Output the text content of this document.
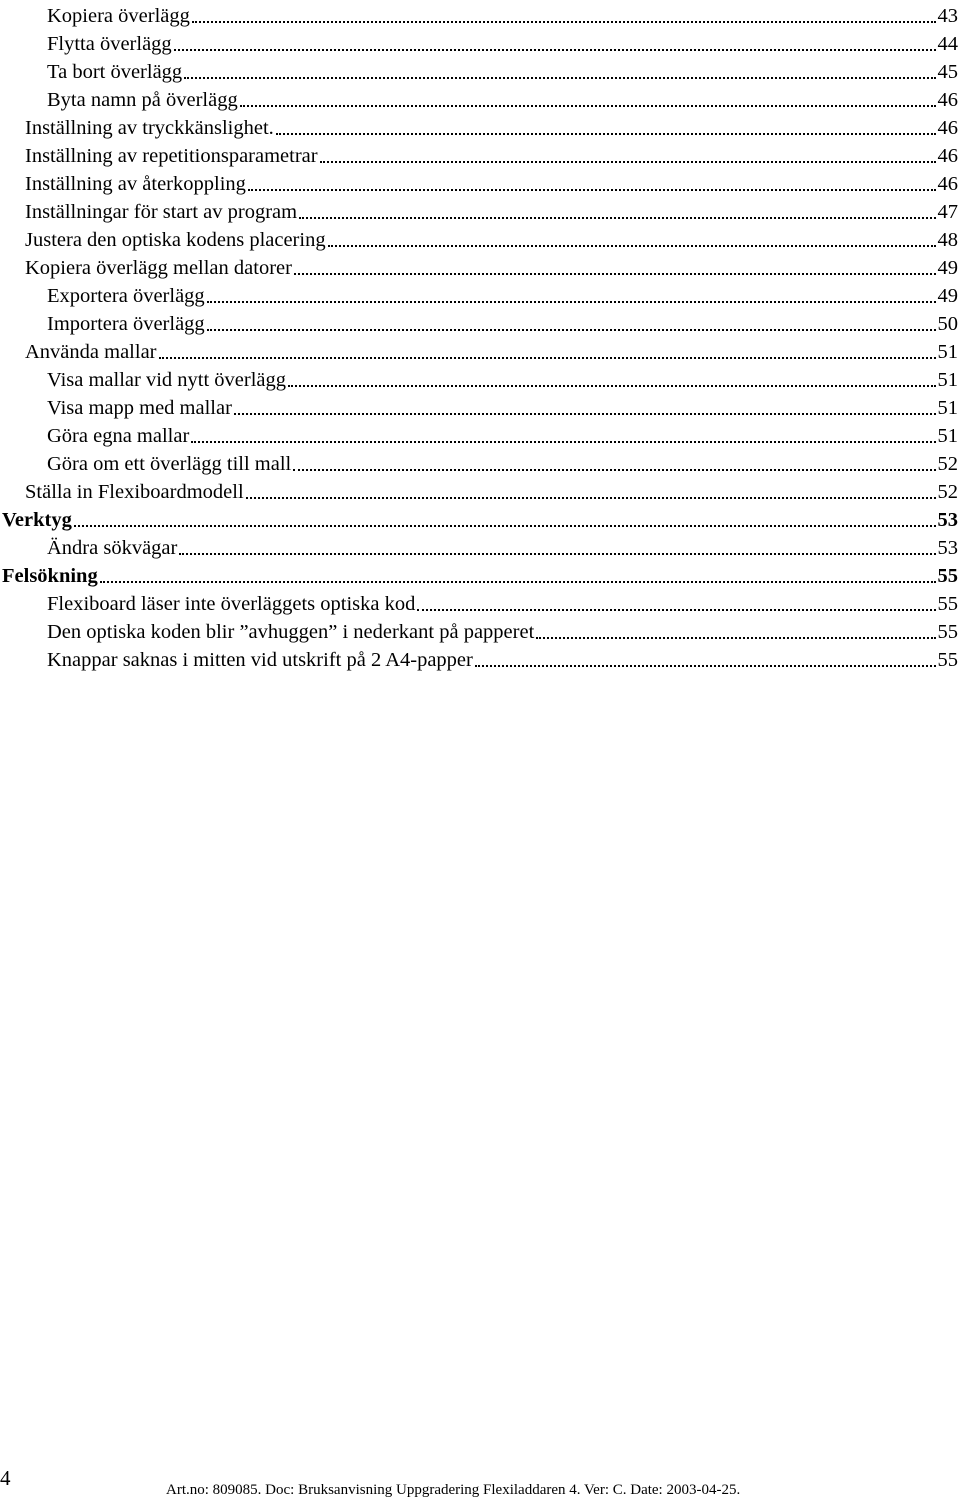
Kopiera överlägg	43
Flytta överlägg	44
Ta bort överlägg	45
Byta namn på överlägg	46
Inställning av tryckkänslighet.	46
Inställning av repetitionsparametrar	46
Inställning av återkoppling	46
Inställningar för start av program	47
Justera den optiska kodens placering	48
Kopiera överlägg mellan datorer	49
Exportera överlägg	49
Importera överlägg	50
Använda mallar	51
Visa mallar vid nytt överlägg	51
Visa mapp med mallar	51
Göra egna mallar	51
Göra om ett överlägg till mall	52
Ställa in Flexiboardmodell	52
Verktyg	53
Ändra sökvägar	53
Felsökning	55
Flexiboard läser inte överläggets optiska kod	55
Den optiska koden blir ”avhuggen” i nederkant på papperet	55
Knappar saknas i mitten vid utskrift på 2 A4-papper	55
4	Art.no: 809085. Doc: Bruksanvisning Uppgradering Flexiladdaren 4. Ver: C. Date: 2003-04-25.
